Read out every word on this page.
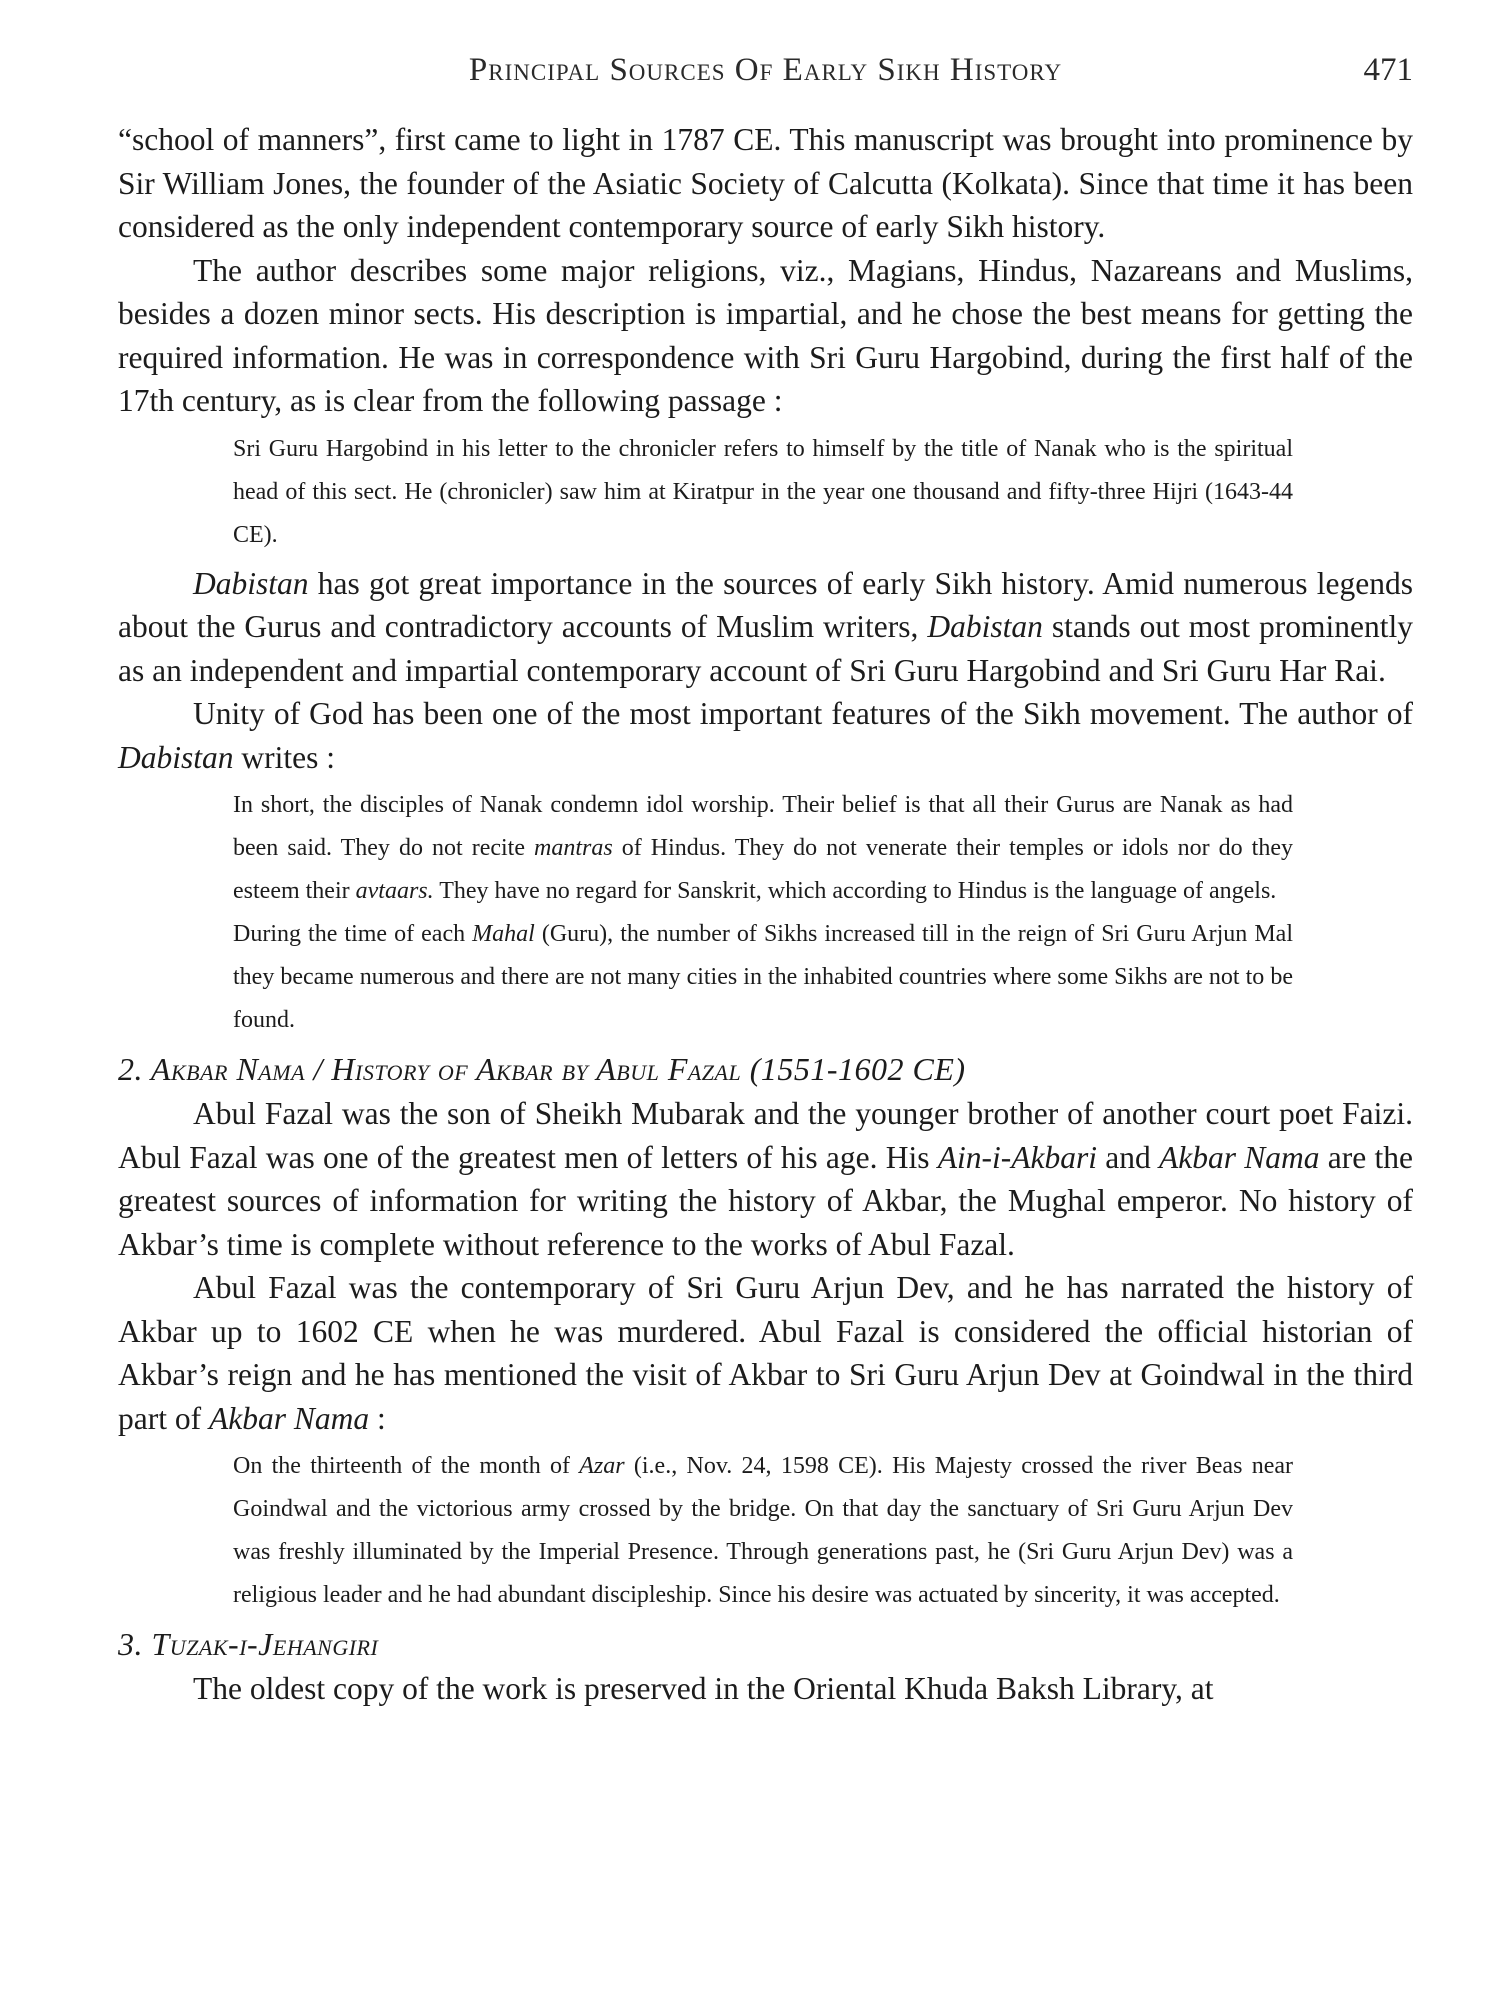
Principal Sources Of Early Sikh History	471

“school of manners”, first came to light in 1787 CE. This manuscript was brought into prominence by Sir William Jones, the founder of the Asiatic Society of Calcutta (Kolkata). Since that time it has been considered as the only independent contemporary source of early Sikh history.

The author describes some major religions, viz., Magians, Hindus, Nazareans and Muslims, besides a dozen minor sects. His description is impartial, and he chose the best means for getting the required information. He was in correspondence with Sri Guru Hargobind, during the first half of the 17th century, as is clear from the following passage :

Sri Guru Hargobind in his letter to the chronicler refers to himself by the title of Nanak who is the spiritual head of this sect. He (chronicler) saw him at Kiratpur in the year one thousand and fifty-three Hijri (1643-44 CE).

Dabistan has got great importance in the sources of early Sikh history. Amid numerous legends about the Gurus and contradictory accounts of Muslim writers, Dabistan stands out most prominently as an independent and impartial contemporary account of Sri Guru Hargobind and Sri Guru Har Rai.

Unity of God has been one of the most important features of the Sikh movement. The author of Dabistan writes :

In short, the disciples of Nanak condemn idol worship. Their belief is that all their Gurus are Nanak as had been said. They do not recite mantras of Hindus. They do not venerate their temples or idols nor do they esteem their avtaars. They have no regard for Sanskrit, which according to Hindus is the language of angels.

During the time of each Mahal (Guru), the number of Sikhs increased till in the reign of Sri Guru Arjun Mal they became numerous and there are not many cities in the inhabited countries where some Sikhs are not to be found.

2. Akbar Nama / History of Akbar by Abul Fazal (1551-1602 CE)

Abul Fazal was the son of Sheikh Mubarak and the younger brother of another court poet Faizi. Abul Fazal was one of the greatest men of letters of his age. His Ain-i-Akbari and Akbar Nama are the greatest sources of information for writing the history of Akbar, the Mughal emperor. No history of Akbar’s time is complete without reference to the works of Abul Fazal.

Abul Fazal was the contemporary of Sri Guru Arjun Dev, and he has narrated the history of Akbar up to 1602 CE when he was murdered. Abul Fazal is considered the official historian of Akbar’s reign and he has mentioned the visit of Akbar to Sri Guru Arjun Dev at Goindwal in the third part of Akbar Nama :

On the thirteenth of the month of Azar (i.e., Nov. 24, 1598 CE). His Majesty crossed the river Beas near Goindwal and the victorious army crossed by the bridge. On that day the sanctuary of Sri Guru Arjun Dev was freshly illuminated by the Imperial Presence. Through generations past, he (Sri Guru Arjun Dev) was a religious leader and he had abundant discipleship. Since his desire was actuated by sincerity, it was accepted.

3. Tuzak-i-Jehangiri

The oldest copy of the work is preserved in the Oriental Khuda Baksh Library, at
